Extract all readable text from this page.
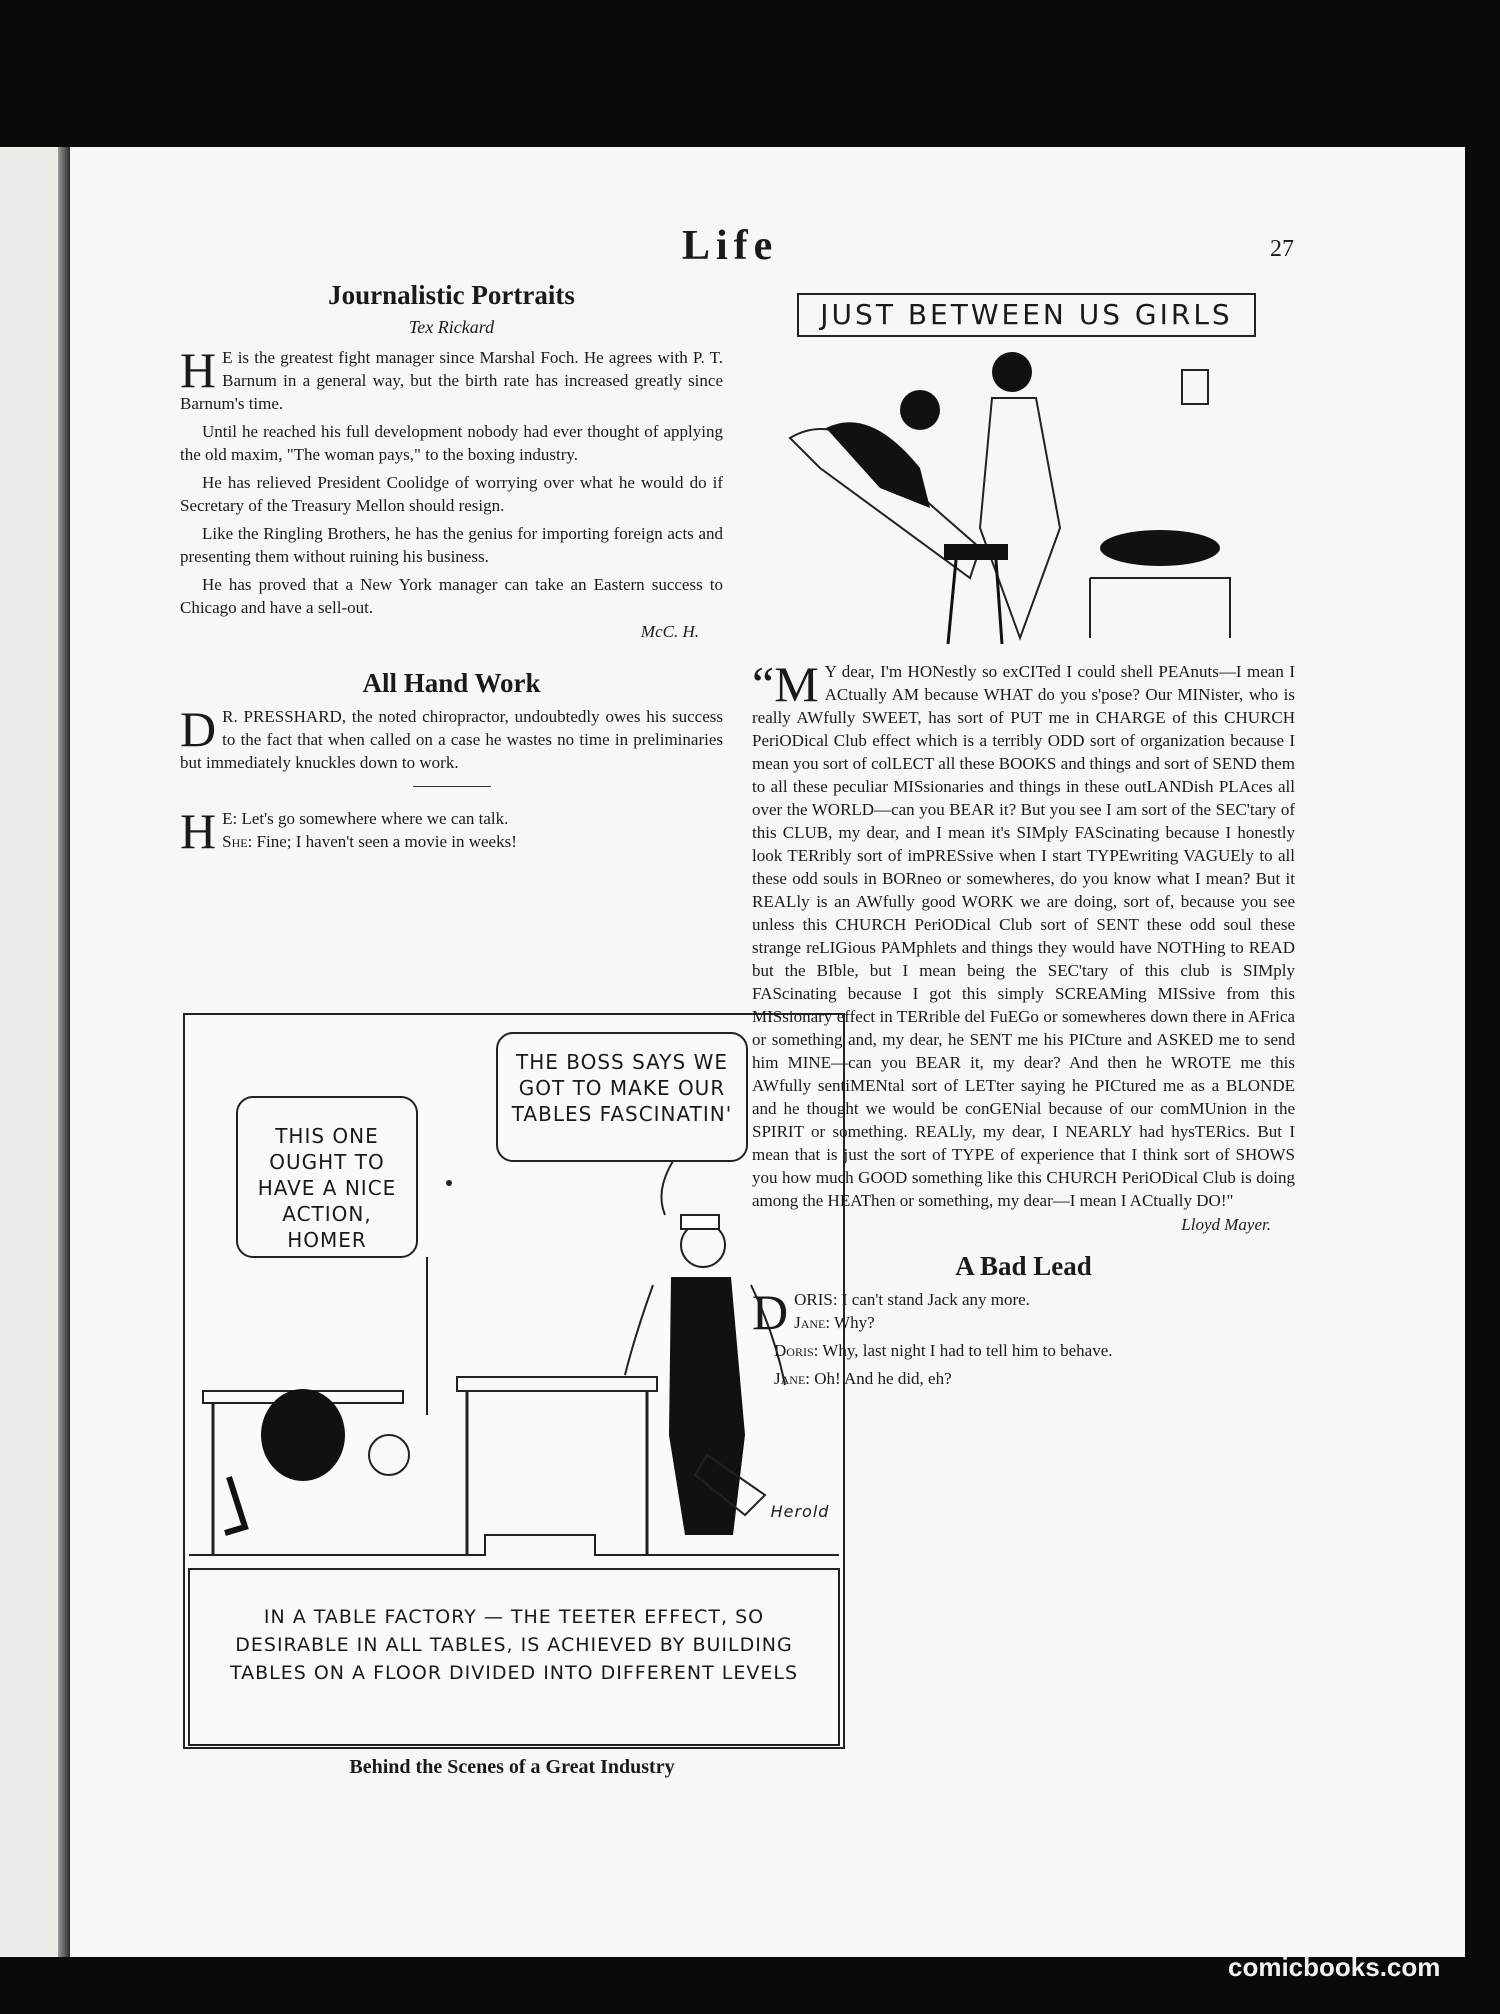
Life	27
Journalistic Portraits
Tex Rickard

H E is the greatest fight manager since Marshal Foch. He agrees with P. T. Barnum in a general way, but the birth rate has increased greatly since Barnum's time.

Until he reached his full development nobody had ever thought of applying the old maxim, "The woman pays," to the boxing industry.

He has relieved President Coolidge of worrying over what he would do if Secretary of the Treasury Mellon should resign.

Like the Ringling Brothers, he has the genius for importing foreign acts and presenting them without ruining his business.

He has proved that a New York manager can take an Eastern success to Chicago and have a sell-out.

McC. H.
All Hand Work

D R. PRESSHARD, the noted chiropractor, undoubtedly owes his success to the fact that when called on a case he wastes no time in preliminaries but immediately knuckles down to work.

H E: Let's go somewhere where we can talk.
She: Fine; I haven't seen a movie in weeks!

THIS ONE OUGHT TO HAVE A NICE ACTION, HOMER
THE BOSS SAYS WE GOT TO MAKE OUR TABLES FASCINATIN'
Herold
IN A TABLE FACTORY — THE TEETER EFFECT, SO DESIRABLE IN ALL TABLES, IS ACHIEVED BY BUILDING TABLES ON A FLOOR DIVIDED INTO DIFFERENT LEVELS
Behind the Scenes of a Great Industry
JUST BETWEEN US GIRLS

“M Y dear, I'm HONestly so exCITed I could shell PEAnuts—I mean I ACtually AM because WHAT do you s'pose? Our MINister, who is really AWfully SWEET, has sort of PUT me in CHARGE of this CHURCH PeriODical Club effect which is a terribly ODD sort of organization because I mean you sort of colLECT all these BOOKS and things and sort of SEND them to all these peculiar MISsionaries and things in these outLANDish PLAces all over the WORLD—can you BEAR it? But you see I am sort of the SEC'tary of this CLUB, my dear, and I mean it's SIMply FAScinating because I honestly look TERribly sort of imPRESsive when I start TYPEwriting VAGUEly to all these odd souls in BORneo or somewheres, do you know what I mean? But it REALly is an AWfully good WORK we are doing, sort of, because you see unless this CHURCH PeriODical Club sort of SENT these odd soul these strange reLIGious PAMphlets and things they would have NOTHing to READ but the BIble, but I mean being the SEC'tary of this club is SIMply FAScinating because I got this simply SCREAMing MISsive from this MISsionary effect in TERrible del FuEGo or somewheres down there in AFrica or something and, my dear, he SENT me his PICture and ASKED me to send him MINE—can you BEAR it, my dear? And then he WROTE me this AWfully sentiMENtal sort of LETter saying he PICtured me as a BLONDE and he thought we would be conGENial because of our comMUnion in the SPIRIT or something. REALly, my dear, I NEARLY had hysTERics. But I mean that is just the sort of TYPE of experience that I think sort of SHOWS you how much GOOD something like this CHURCH PeriODical Club is doing among the HEAThen or something, my dear—I mean I ACtually DO!"

Lloyd Mayer.
A Bad Lead

DORIS: I can't stand Jack any more.
Jane: Why?

Doris: Why, last night I had to tell him to behave.

Jane: Oh! And he did, eh?

comicbooks.com
